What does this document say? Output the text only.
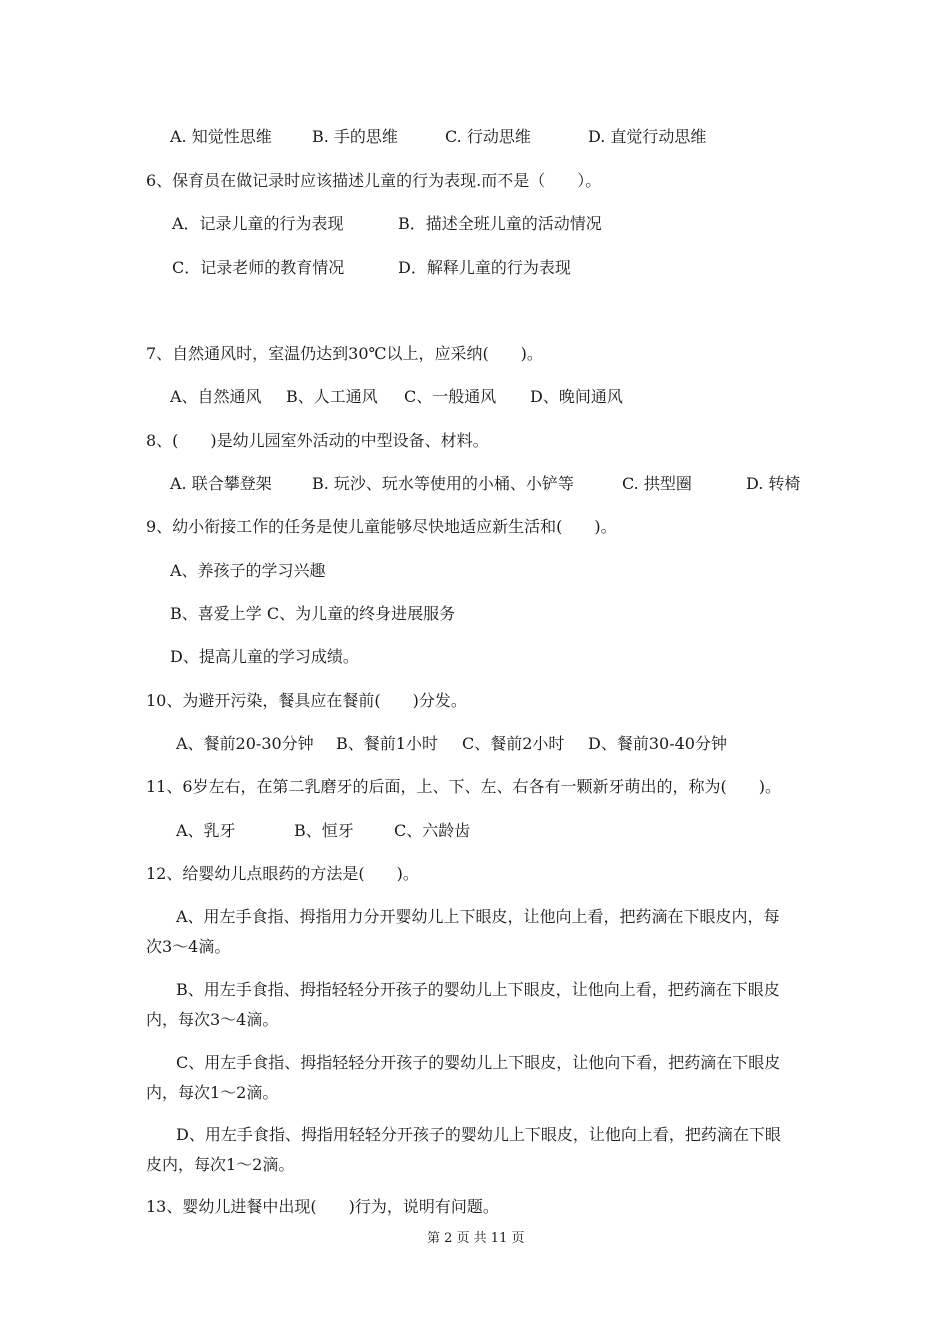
A. 知觉性思维	B. 手的思维	C. 行动思维	D. 直觉行动思维
6、保育员在做记录时应该描述儿童的行为表现.而不是（　　）。
A．记录儿童的行为表现	B．描述全班儿童的活动情况
C．记录老师的教育情况	D．解释儿童的行为表现
7、自然通风时，室温仍达到30℃以上，应采纳(　　)。
A、自然通风 B、人工通风 C、一般通风 D、晚间通风
8、(　　)是幼儿园室外活动的中型设备、材料。
A. 联合攀登架	B. 玩沙、玩水等使用的小桶、小铲等	C. 拱型圈	D. 转椅
9、幼小衔接工作的任务是使儿童能够尽快地适应新生活和(　　)。
A、养孩子的学习兴趣
B、喜爱上学 C、为儿童的终身进展服务
D、提高儿童的学习成绩。
10、为避开污染，餐具应在餐前(　　)分发。
A、餐前20-30分钟 B、餐前1小时 C、餐前2小时 D、餐前30-40分钟
11、6岁左右，在第二乳磨牙的后面，上、下、左、右各有一颗新牙萌出的，称为(　　)。
A、乳牙	B、恒牙	C、六龄齿
12、给婴幼儿点眼药的方法是(　　)。
A、用左手食指、拇指用力分开婴幼儿上下眼皮，让他向上看，把药滴在下眼皮内，每
次3～4滴。
B、用左手食指、拇指轻轻分开孩子的婴幼儿上下眼皮，让他向上看，把药滴在下眼皮
内，每次3～4滴。
C、用左手食指、拇指轻轻分开孩子的婴幼儿上下眼皮，让他向下看，把药滴在下眼皮
内，每次1～2滴。
D、用左手食指、拇指用轻轻分开孩子的婴幼儿上下眼皮，让他向上看，把药滴在下眼
皮内，每次1～2滴。
13、婴幼儿进餐中出现(　　)行为，说明有问题。
第 2 页 共 11 页
